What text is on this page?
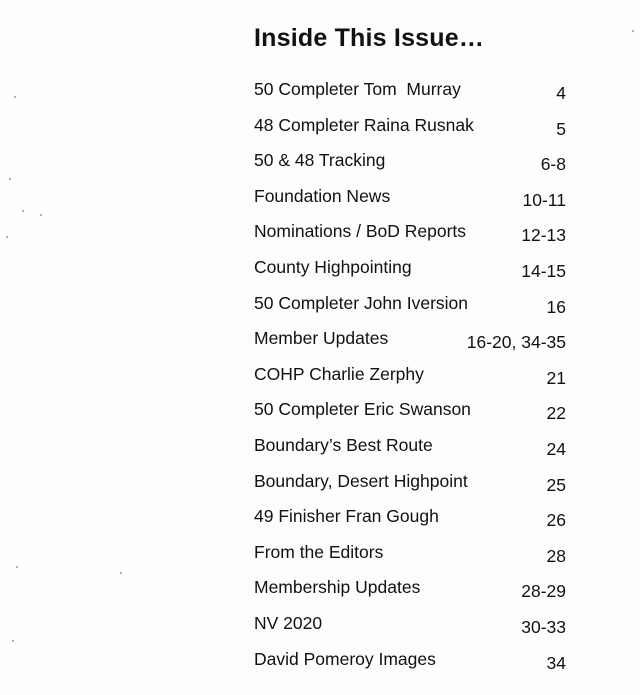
Inside This Issue…
50 Completer Tom  Murray	4
48 Completer Raina Rusnak	5
50 & 48 Tracking	6-8
Foundation News	10-11
Nominations / BoD Reports	12-13
County Highpointing	14-15
50 Completer John Iversion	16
Member Updates	16-20, 34-35
COHP Charlie Zerphy	21
50 Completer Eric Swanson	22
Boundary’s Best Route	24
Boundary, Desert Highpoint	25
49 Finisher Fran Gough	26
From the Editors	28
Membership Updates	28-29
NV 2020	30-33
David Pomeroy Images	34
